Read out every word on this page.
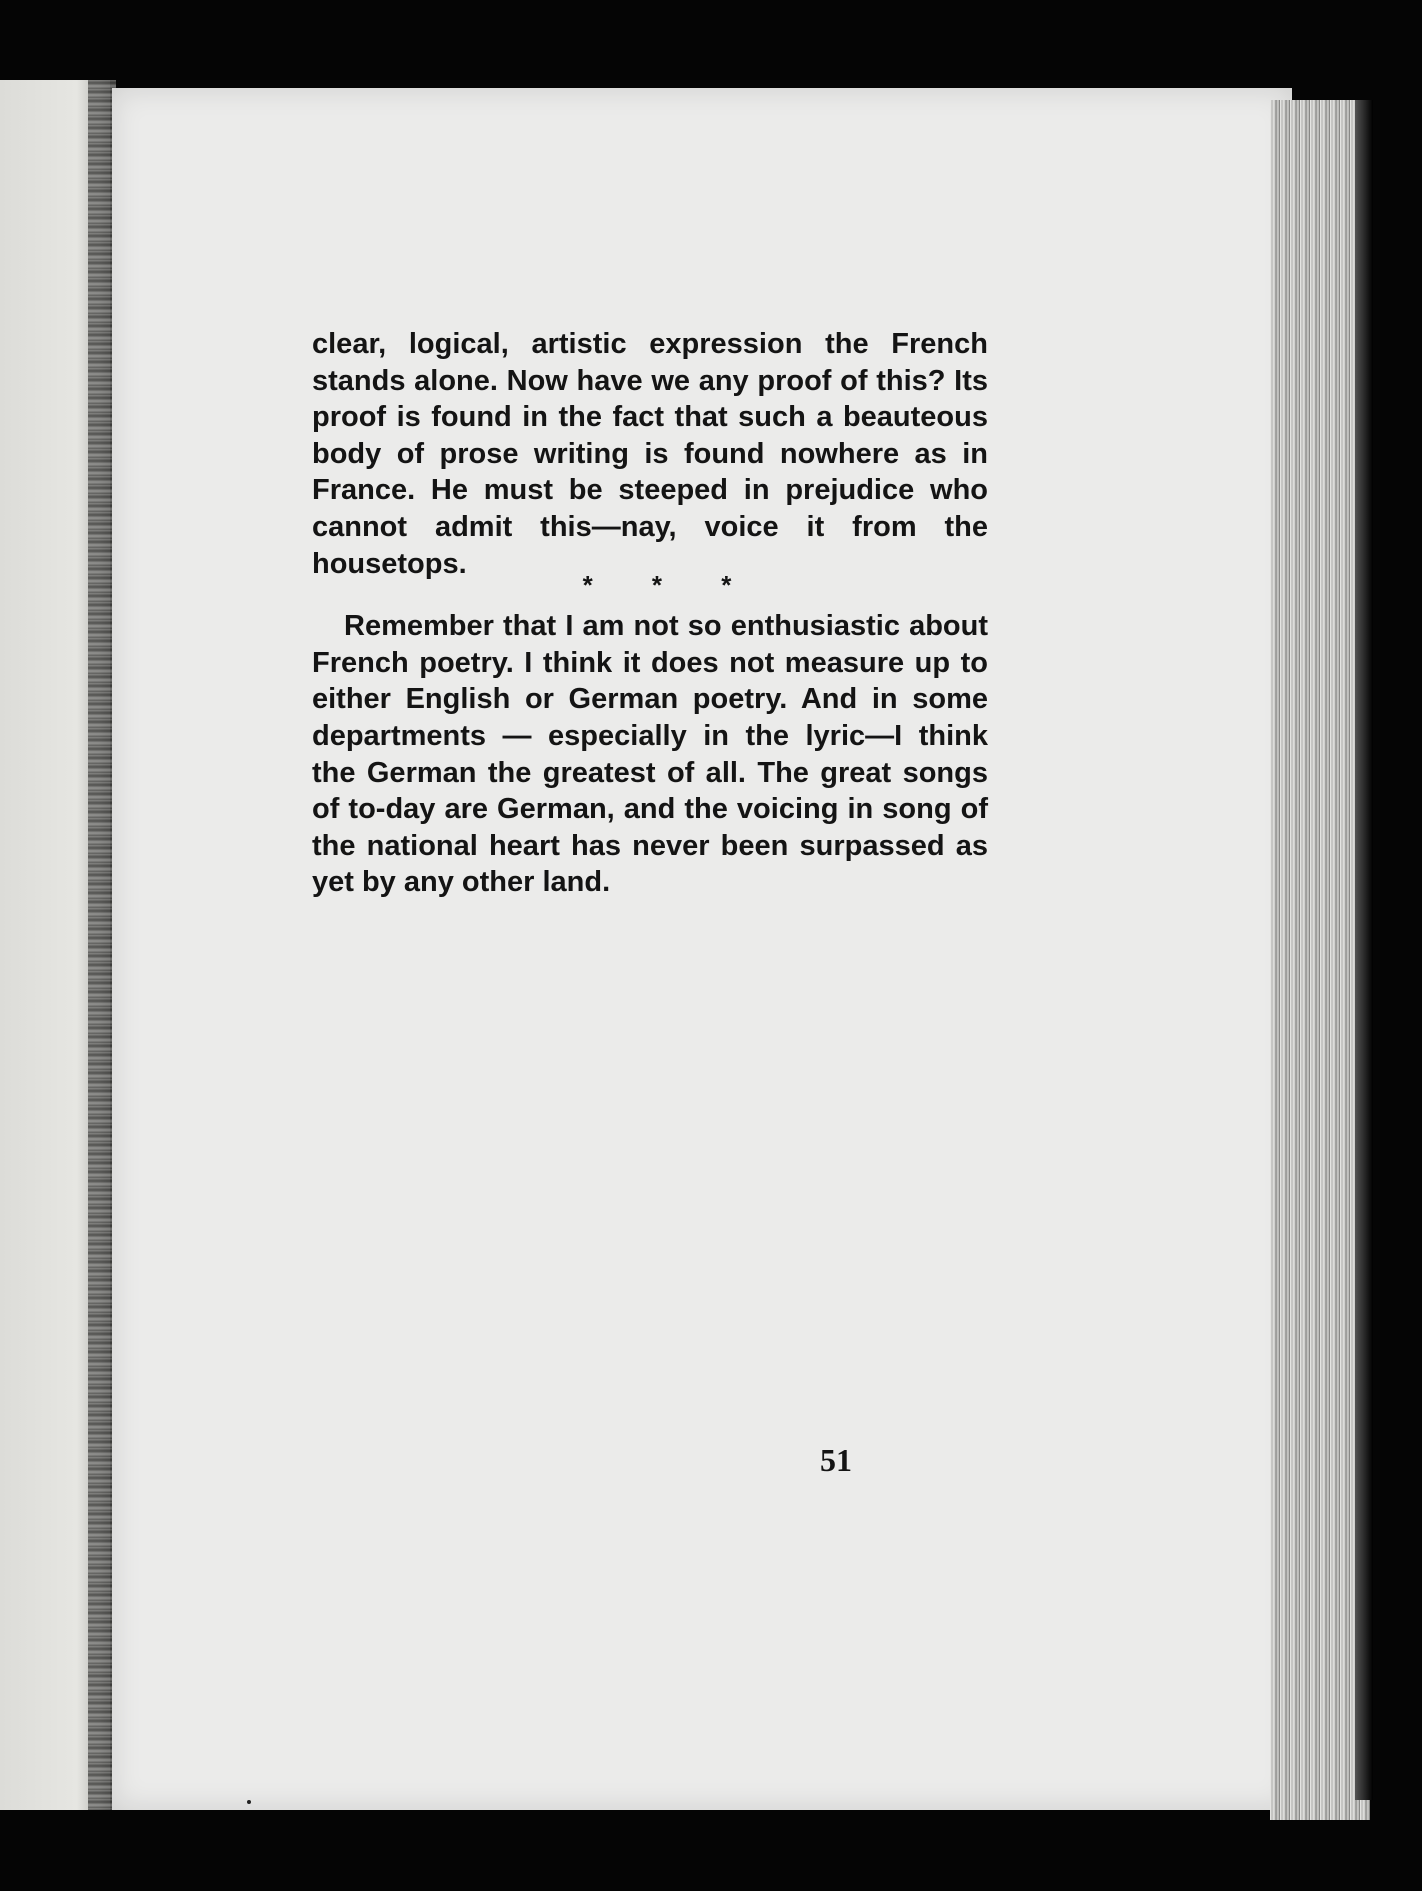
clear, logical, artistic expression the French stands alone. Now have we any proof of this? Its proof is found in the fact that such a beauteous body of prose writing is found nowhere as in France. He must be steeped in prejudice who cannot admit this—nay, voice it from the housetops.

* * *

Remember that I am not so enthusiastic about French poetry. I think it does not measure up to either English or German poetry. And in some departments — especially in the lyric—I think the German the greatest of all. The great songs of to-day are German, and the voicing in song of the national heart has never been surpassed as yet by any other land.

51
